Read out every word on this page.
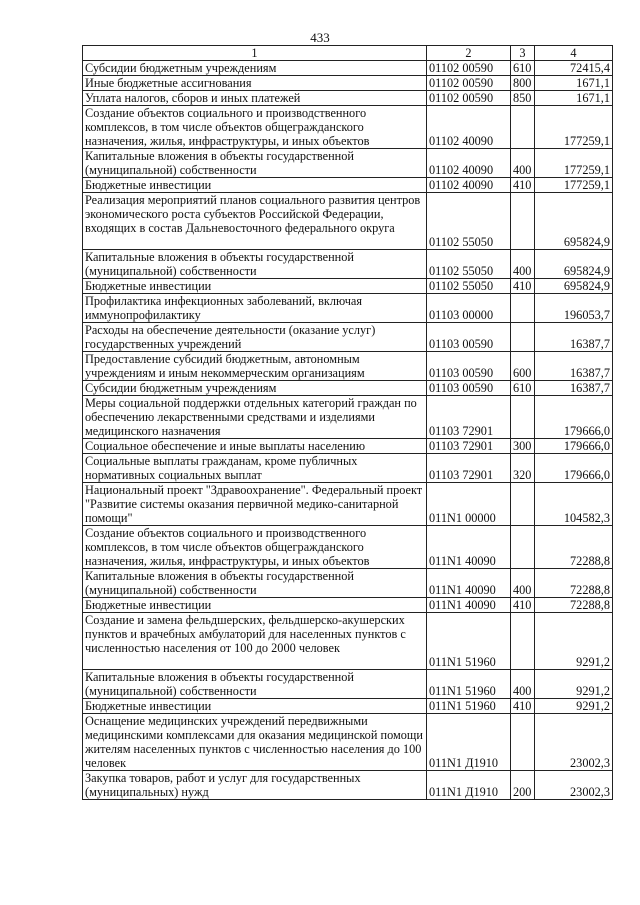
433
1	2	3	4
Субсидии бюджетным учреждениям	01102 00590	610	72415,4
Иные бюджетные ассигнования	01102 00590	800	1671,1
Уплата налогов, сборов и иных платежей	01102 00590	850	1671,1
Создание объектов социального и производственного комплексов, в том числе объектов общегражданского назначения, жилья, инфраструктуры, и иных объектов	01102 40090		177259,1
Капитальные вложения в объекты государственной (муниципальной) собственности	01102 40090	400	177259,1
Бюджетные инвестиции	01102 40090	410	177259,1
Реализация мероприятий планов социального развития центров экономического роста субъектов Российской Федерации, входящих в состав Дальневосточного федерального округа	01102 55050		695824,9
Капитальные вложения в объекты государственной (муниципальной) собственности	01102 55050	400	695824,9
Бюджетные инвестиции	01102 55050	410	695824,9
Профилактика инфекционных заболеваний, включая иммунопрофилактику	01103 00000		196053,7
Расходы на обеспечение деятельности (оказание услуг) государственных учреждений	01103 00590		16387,7
Предоставление субсидий бюджетным, автономным учреждениям и иным некоммерческим организациям	01103 00590	600	16387,7
Субсидии бюджетным учреждениям	01103 00590	610	16387,7
Меры социальной поддержки отдельных категорий граждан по обеспечению лекарственными средствами и изделиями медицинского назначения	01103 72901		179666,0
Социальное обеспечение и иные выплаты населению	01103 72901	300	179666,0
Социальные выплаты гражданам, кроме публичных нормативных социальных выплат	01103 72901	320	179666,0
Национальный проект "Здравоохранение". Федеральный проект "Развитие системы оказания первичной медико-санитарной помощи"	011N1 00000		104582,3
Создание объектов социального и производственного комплексов, в том числе объектов общегражданского назначения, жилья, инфраструктуры, и иных объектов	011N1 40090		72288,8
Капитальные вложения в объекты государственной (муниципальной) собственности	011N1 40090	400	72288,8
Бюджетные инвестиции	011N1 40090	410	72288,8
Создание и замена фельдшерских, фельдшерско-акушерских пунктов и врачебных амбулаторий для населенных пунктов с численностью населения от 100 до 2000 человек	011N1 51960		9291,2
Капитальные вложения в объекты государственной (муниципальной) собственности	011N1 51960	400	9291,2
Бюджетные инвестиции	011N1 51960	410	9291,2
Оснащение медицинских учреждений передвижными медицинскими комплексами для оказания медицинской помощи жителям населенных пунктов с численностью населения до 100 человек	011N1 Д1910		23002,3
Закупка товаров, работ и услуг для государственных (муниципальных) нужд	011N1 Д1910	200	23002,3
